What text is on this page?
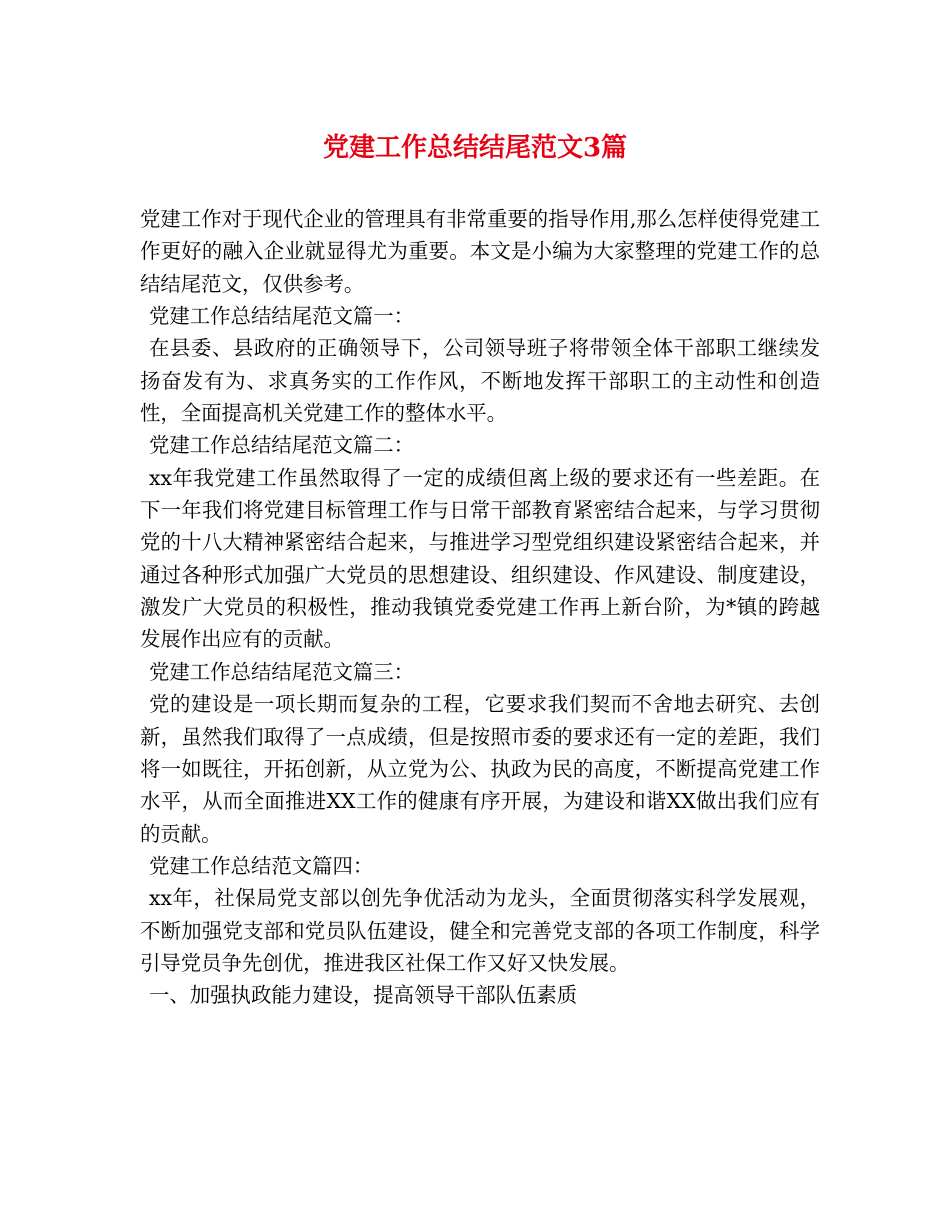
党建工作总结结尾范文3篇

党建工作对于现代企业的管理具有非常重要的指导作用,那么怎样使得党建工作更好的融入企业就显得尤为重要。本文是小编为大家整理的党建工作的总结结尾范文，仅供参考。

党建工作总结结尾范文篇一：

在县委、县政府的正确领导下，公司领导班子将带领全体干部职工继续发扬奋发有为、求真务实的工作作风，不断地发挥干部职工的主动性和创造性，全面提高机关党建工作的整体水平。

党建工作总结结尾范文篇二：

xx年我党建工作虽然取得了一定的成绩但离上级的要求还有一些差距。在下一年我们将党建目标管理工作与日常干部教育紧密结合起来，与学习贯彻党的十八大精神紧密结合起来，与推进学习型党组织建设紧密结合起来，并通过各种形式加强广大党员的思想建设、组织建设、作风建设、制度建设，激发广大党员的积极性，推动我镇党委党建工作再上新台阶，为*镇的跨越发展作出应有的贡献。

党建工作总结结尾范文篇三：

党的建设是一项长期而复杂的工程，它要求我们契而不舍地去研究、去创新，虽然我们取得了一点成绩，但是按照市委的要求还有一定的差距，我们将一如既往，开拓创新，从立党为公、执政为民的高度，不断提高党建工作水平，从而全面推进XX工作的健康有序开展，为建设和谐XX做出我们应有的贡献。

党建工作总结范文篇四：

xx年，社保局党支部以创先争优活动为龙头，全面贯彻落实科学发展观，不断加强党支部和党员队伍建设，健全和完善党支部的各项工作制度，科学引导党员争先创优，推进我区社保工作又好又快发展。

一、加强执政能力建设，提高领导干部队伍素质
